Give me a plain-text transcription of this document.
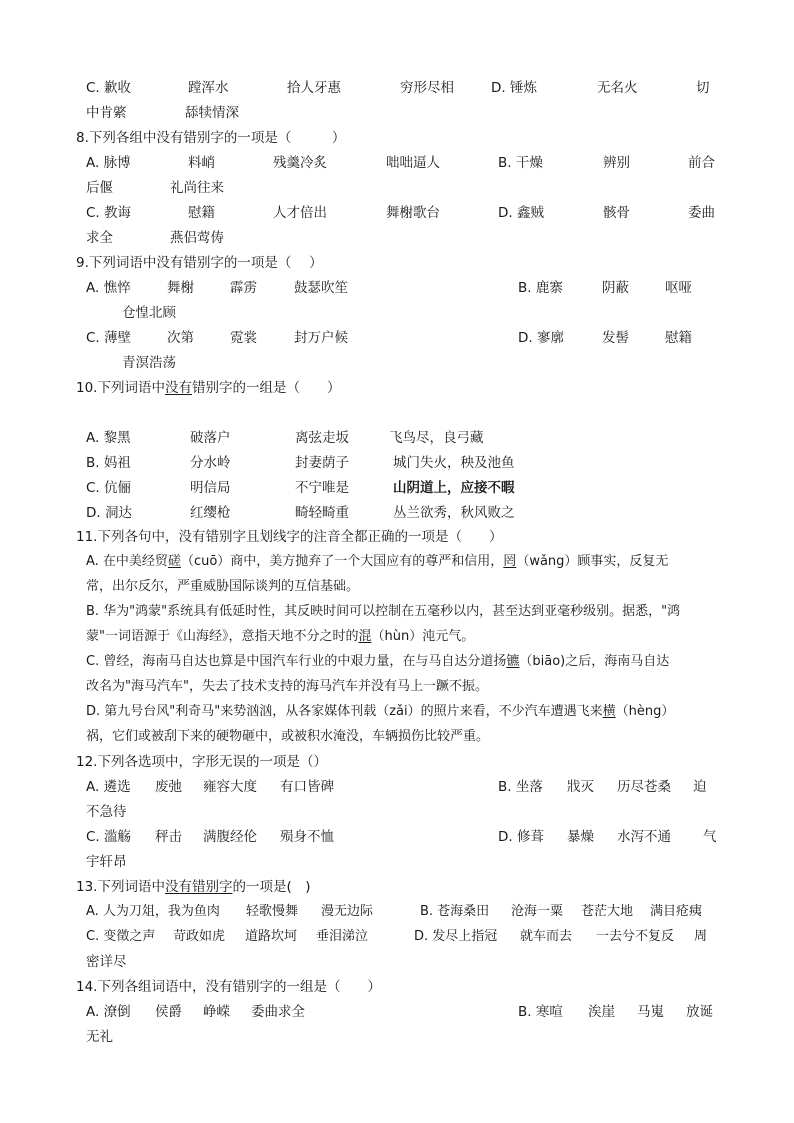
C. 歉收	蹚浑水	拾人牙惠	穷形尽相	D. 锤炼	无名火	切
中肯綮	舔犊情深
8.下列各组中没有错别字的一项是（　　　）
A. 脉博	料峭	残羹冷炙	咄咄逼人	B. 干燥	辨别	前合
后偃	礼尚往来
C. 教诲	慰籍	人才倍出	舞榭歌台	D. 鑫贼	骸骨	委曲
求全	燕侣莺俦
9.下列词语中没有错别字的一项是（　 ）
A. 憔悴	舞榭	霹雳	鼓瑟吹笙	B. 鹿寨	阴蔽	呕哑
仓惶北顾
C. 薄壁	次第	霓裳	封万户候	D. 寥廓	发髻	慰籍
青溟浩荡
10.下列词语中没有错别字的一组是（　　）
A. 黎黑	破落户	离弦走坂	飞鸟尽，良弓藏
B. 妈祖	分水岭	封妻荫子	城门失火，秧及池鱼
C. 伉俪	明信局	不宁唯是	山阴道上，应接不暇
D. 洞达	红缨枪	畸轻畸重	丛兰欲秀，秋风败之
11.下列各句中，没有错别字且划线字的注音全都正确的一项是（　　）
A. 在中美经贸磋（cuō）商中，美方抛弃了一个大国应有的尊严和信用，罔（wǎng）顾事实，反复无
常，出尔反尔，严重威胁国际谈判的互信基础。
B. 华为"鸿蒙"系统具有低延时性，其反映时间可以控制在五毫秒以内，甚至达到亚毫秒级别。据悉，"鸿
蒙"一词语源于《山海经》，意指天地不分之时的混（hùn）沌元气。
C. 曾经，海南马自达也算是中国汽车行业的中艰力量，在与马自达分道扬镳（biāo)之后，海南马自达
改名为"海马汽车"，失去了技术支持的海马汽车并没有马上一蹶不振。
D. 第九号台风"利奇马"来势汹汹，从各家媒体刊载（zǎi）的照片来看，不少汽车遭遇飞来横（hèng）
祸，它们或被刮下来的硬物砸中，或被积水淹没，车辆损伤比较严重。
12.下列各选项中，字形无误的一项是（）
A. 遴选 废弛 雍容大度 有口皆碑	B. 坐落 戕灭 历尽苍桑 迫
不急待
C. 滥觞 秤击 满腹经伦 殒身不恤	D. 修葺 暴燥 水泻不通 气
宇轩昂
13.下列词语中没有错别字的一项是(　)
A. 人为刀俎，我为鱼肉 轻歌慢舞 漫无边际	B. 苍海桑田 沧海一粟 苍茫大地 满目疮痍
C. 变徵之声 苛政如虎 道路坎坷 垂泪涕泣	D. 发尽上指冠 就车而去 一去兮不复反 周
密详尽
14.下列各组词语中，没有错别字的一组是（　　）
A. 潦倒 侯爵 峥嵘 委曲求全	B. 寒喧 涘崖 马嵬 放诞
无礼
